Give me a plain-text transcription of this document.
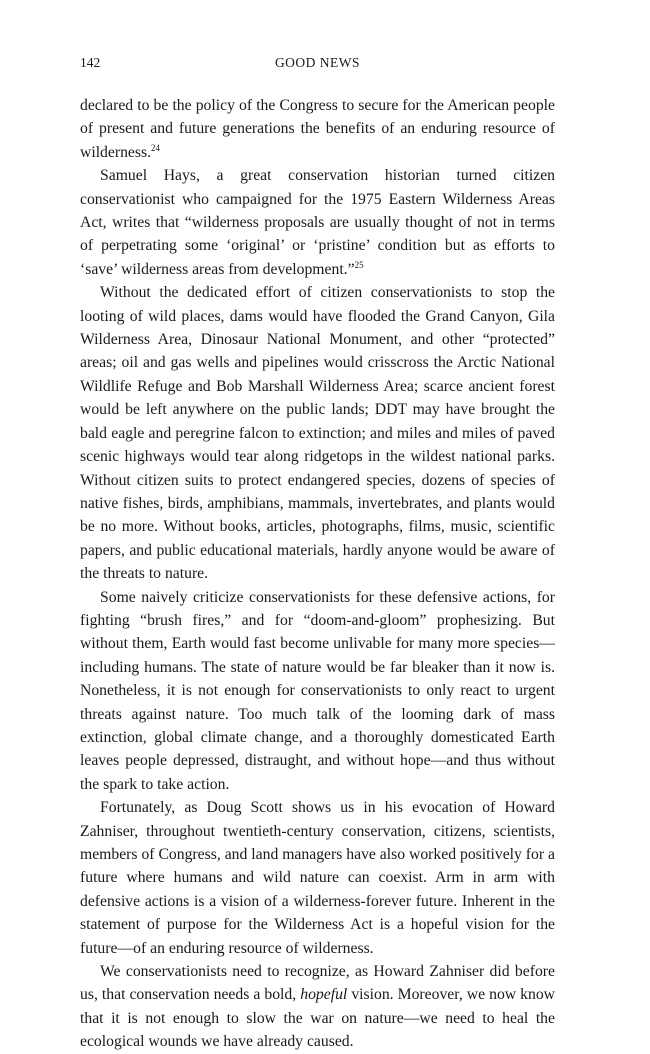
142	GOOD NEWS

declared to be the policy of the Congress to secure for the American people of present and future generations the benefits of an enduring resource of wilderness.$^{24}$

Samuel Hays, a great conservation historian turned citizen conservationist who campaigned for the 1975 Eastern Wilderness Areas Act, writes that “wilderness proposals are usually thought of not in terms of perpetrating some ‘original’ or ‘pristine’ condition but as efforts to ‘save’ wilderness areas from development.”$^{25}$

Without the dedicated effort of citizen conservationists to stop the looting of wild places, dams would have flooded the Grand Canyon, Gila Wilderness Area, Dinosaur National Monument, and other “protected” areas; oil and gas wells and pipelines would crisscross the Arctic National Wildlife Refuge and Bob Marshall Wilderness Area; scarce ancient forest would be left anywhere on the public lands; DDT may have brought the bald eagle and peregrine falcon to extinction; and miles and miles of paved scenic highways would tear along ridgetops in the wildest national parks. Without citizen suits to protect endangered species, dozens of species of native fishes, birds, amphibians, mammals, invertebrates, and plants would be no more. Without books, articles, photographs, films, music, scientific papers, and public educational materials, hardly anyone would be aware of the threats to nature.

Some naively criticize conservationists for these defensive actions, for fighting “brush fires,” and for “doom-and-gloom” prophesizing. But without them, Earth would fast become unlivable for many more species—including humans. The state of nature would be far bleaker than it now is. Nonetheless, it is not enough for conservationists to only react to urgent threats against nature. Too much talk of the looming dark of mass extinction, global climate change, and a thoroughly domesticated Earth leaves people depressed, distraught, and without hope—and thus without the spark to take action.

Fortunately, as Doug Scott shows us in his evocation of Howard Zahniser, throughout twentieth-century conservation, citizens, scientists, members of Congress, and land managers have also worked positively for a future where humans and wild nature can coexist. Arm in arm with defensive actions is a vision of a wilderness-forever future. Inherent in the statement of purpose for the Wilderness Act is a hopeful vision for the future—of an enduring resource of wilderness.

We conservationists need to recognize, as Howard Zahniser did before us, that conservation needs a bold, hopeful vision. Moreover, we now know that it is not enough to slow the war on nature—we need to heal the ecological wounds we have already caused.
